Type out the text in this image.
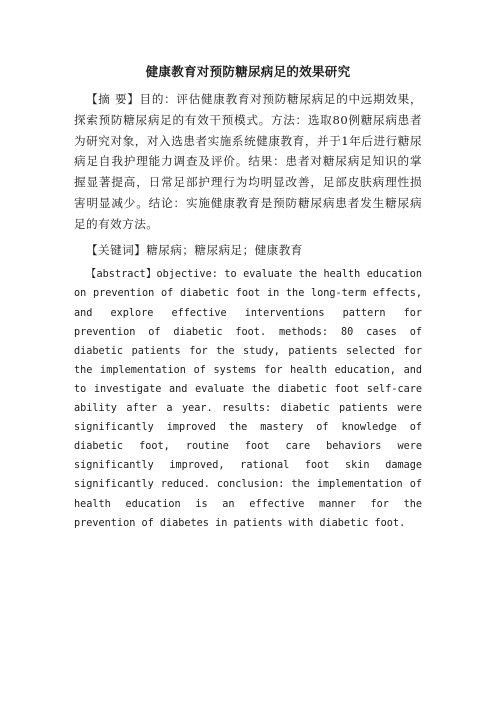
健康教育对预防糖尿病足的效果研究

【摘 要】目的：评估健康教育对预防糖尿病足的中远期效果，探索预防糖尿病足的有效干预模式。方法：选取80例糖尿病患者为研究对象，对入选患者实施系统健康教育，并于1年后进行糖尿病足自我护理能力调查及评价。结果：患者对糖尿病足知识的掌握显著提高，日常足部护理行为均明显改善，足部皮肤病理性损害明显减少。结论：实施健康教育是预防糖尿病患者发生糖尿病足的有效方法。

【关键词】糖尿病；糖尿病足；健康教育

【abstract】objective: to evaluate the health education on prevention of diabetic foot in the long-term effects, and explore effective interventions pattern for prevention of diabetic foot. methods: 80 cases of diabetic patients for the study, patients selected for the implementation of systems for health education, and to investigate and evaluate the diabetic foot self-care ability after a year. results: diabetic patients were significantly improved the mastery of knowledge of diabetic foot, routine foot care behaviors were significantly improved, rational foot skin damage significantly reduced. conclusion: the implementation of health education is an effective manner for the prevention of diabetes in patients with diabetic foot.
